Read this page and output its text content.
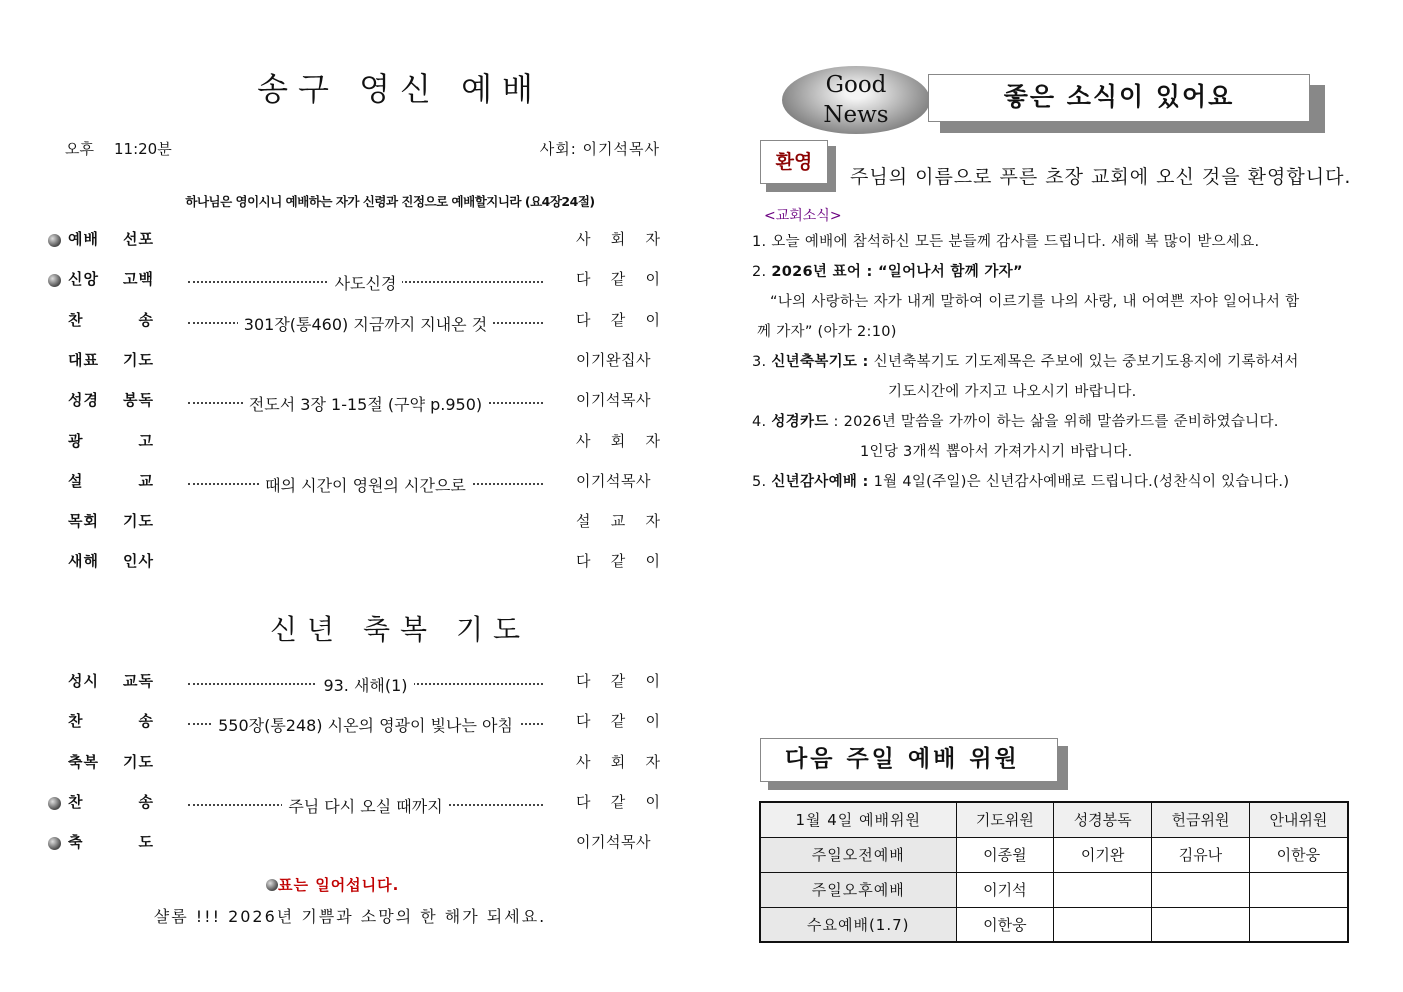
송구 영신 예배
오후 11:20분	사회: 이기석목사
하나님은 영이시니 예배하는 자가 신령과 진정으로 예배할지니라 (요4장24절)
예배 선포	사 회 자
신앙 고백	사도신경	다 같 이
찬	송	301장(통460) 지금까지 지내온 것	다 같 이
대표 기도	이기완집사
성경 봉독	전도서 3장 1-15절 (구약 p.950)	이기석목사
광	고	사 회 자
설	교	때의 시간이 영원의 시간으로	이기석목사
목회 기도	설 교 자
새해 인사	다 같 이
신년 축복 기도
성시 교독	93. 새해(1)	다 같 이
찬	송	550장(통248) 시온의 영광이 빛나는 아침	다 같 이
축복 기도	사 회 자
찬	송	주님 다시 오실 때까지	다 같 이
축	도	이기석목사
표는 일어섭니다.
샬롬 !!! 2026년 기쁨과 소망의 한 해가 되세요.
Good
News
좋은 소식이 있어요
환영
주님의 이름으로 푸른 초장 교회에 오신 것을 환영합니다.
<교회소식>
1. 오늘 예배에 참석하신 모든 분들께 감사를 드립니다. 새해 복 많이 받으세요.
2. 2026년 표어 : “일어나서 함께 가자”
“나의 사랑하는 자가 내게 말하여 이르기를 나의 사랑, 내 어여쁜 자야 일어나서 함
께 가자” (아가 2:10)
3. 신년축복기도 : 신년축복기도 기도제목은 주보에 있는 중보기도용지에 기록하셔서
기도시간에 가지고 나오시기 바랍니다.
4. 성경카드 : 2026년 말씀을 가까이 하는 삶을 위해 말씀카드를 준비하였습니다.
1인당 3개씩 뽑아서 가져가시기 바랍니다.
5. 신년감사예배 : 1월 4일(주일)은 신년감사예배로 드립니다.(성찬식이 있습니다.)
다음 주일 예배 위원
1월 4일 예배위원	기도위원	성경봉독	헌금위원	안내위원
주일오전예배	이종윌	이기완	김유나	이한웅
주일오후예배	이기석			
수요예배(1.7)	이한웅			
